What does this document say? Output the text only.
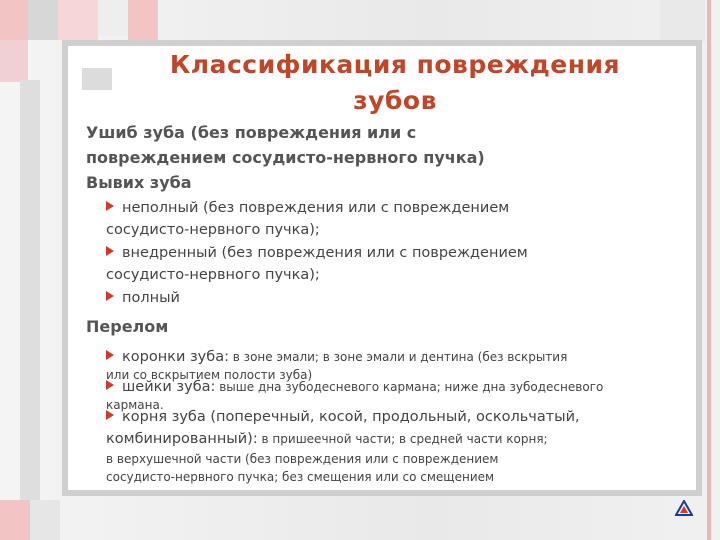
Классификация повреждения
зубов
Ушиб зуба (без повреждения или с
повреждением сосудисто-нервного пучка)
Вывих зуба
неполный (без повреждения или с повреждением
сосудисто-нервного пучка);
внедренный (без повреждения или с повреждением
сосудисто-нервного пучка);
полный
Перелом
коронки зуба: в зоне эмали; в зоне эмали и дентина (без вскрытия
или со вскрытием полости зуба)
шейки зуба: выше дна зубодесневого кармана; ниже дна зубодесневого
кармана.
корня зуба (поперечный, косой, продольный, оскольчатый,
комбинированный): в пришеечной части; в средней части корня;
в верхушечной части (без повреждения или с повреждением
сосудисто-нервного пучка; без смещения или со смещением
